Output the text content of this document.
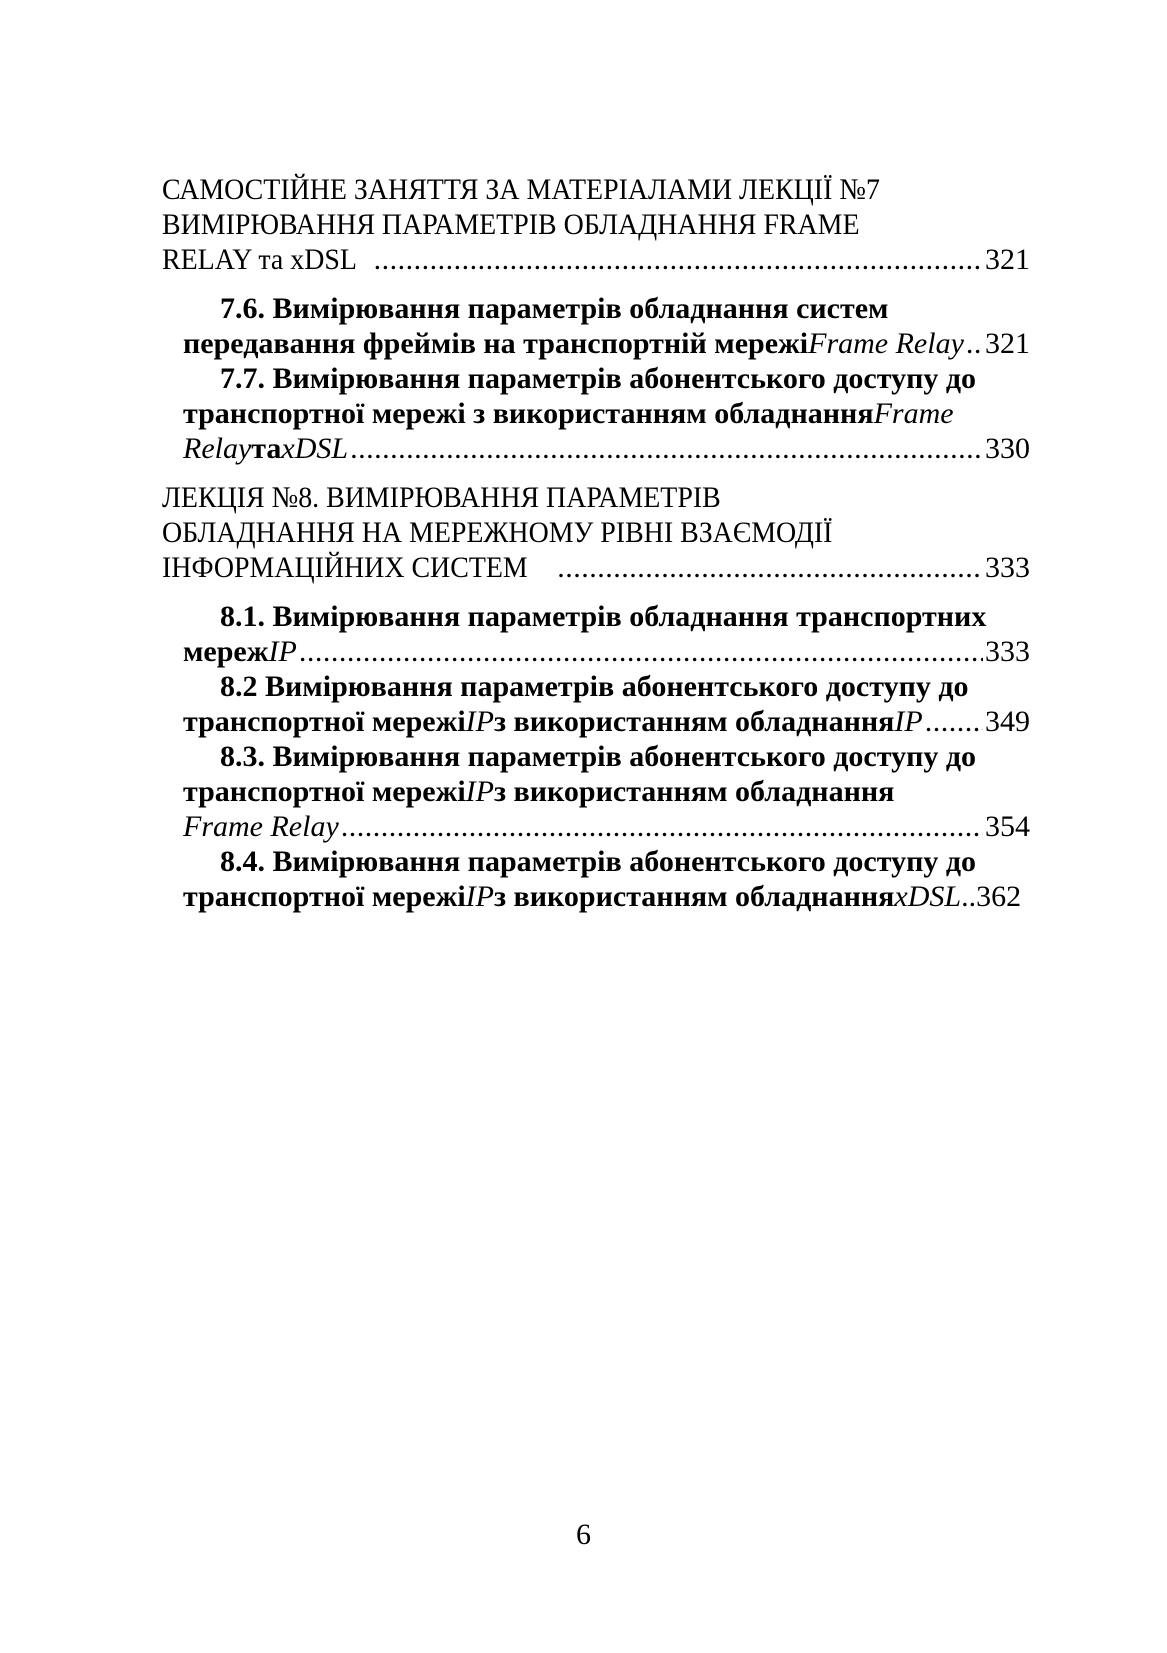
САМОСТІЙНЕ ЗАНЯТТЯ ЗА МАТЕРІАЛАМИ ЛЕКЦІЇ №7
ВИМІРЮВАННЯ ПАРАМЕТРІВ ОБЛАДНАННЯ FRAME
RELAY та xDSL .....	321
7.6. Вимірювання параметрів обладнання систем
передавання фреймів на транспортній мережі Frame Relay ..... 321
7.7. Вимірювання параметрів абонентського доступу до
транспортної мережі з використанням обладнання Frame
Relay та xDSL .....	330
ЛЕКЦІЯ №8. ВИМІРЮВАННЯ ПАРАМЕТРІВ
ОБЛАДНАННЯ НА МЕРЕЖНОМУ РІВНІ ВЗАЄМОДІЇ
ІНФОРМАЦІЙНИХ СИСТЕМ .....	333
8.1. Вимірювання параметрів обладнання транспортних
мереж IP .....	333
8.2 Вимірювання параметрів абонентського доступу до
транспортної мережі IP з використанням обладнання IP ..... 349
8.3. Вимірювання параметрів абонентського доступу до
транспортної мережі IP з використанням обладнання
Frame Relay .....	354
8.4. Вимірювання параметрів абонентського доступу до
транспортної мережі IP з використанням обладнання xDSL .. 362
6
